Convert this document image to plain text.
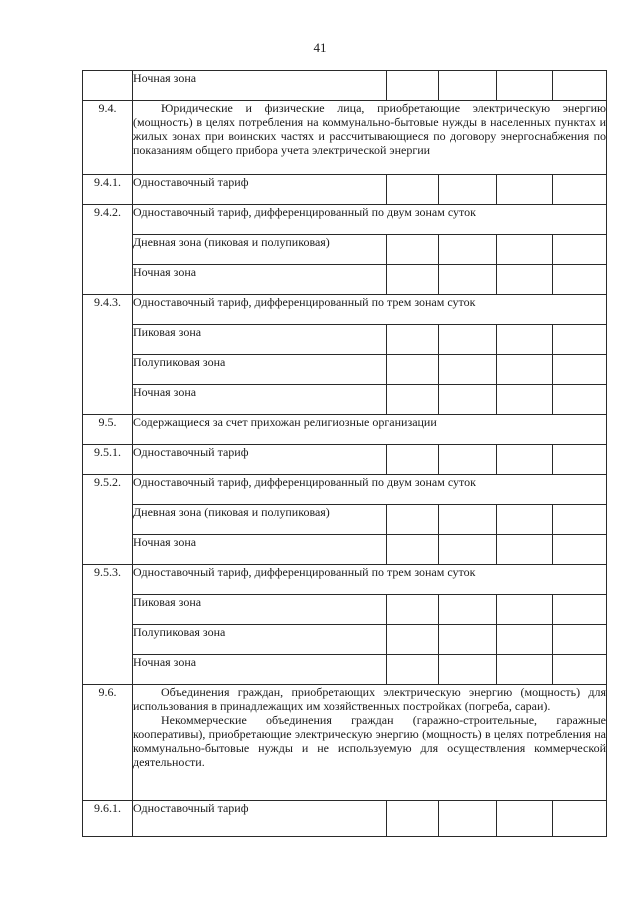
41
	Ночная зона				
9.4.	Юридические и физические лица, приобретающие электрическую энергию (мощность) в целях потребления на коммунально-бытовые нужды в населенных пунктах и жилых зонах при воинских частях и рассчитывающиеся по договору энергоснабжения по показаниям общего прибора учета электрической энергии				

9.4.1.	Одноставочный тариф				
9.4.2.	Одноставочный тариф, дифференцированный по двум зонам суток				
	Дневная зона (пиковая и полупиковая)				
	Ночная зона				
9.4.3.	Одноставочный тариф, дифференцированный по трем зонам суток				
	Пиковая зона				
	Полупиковая зона				
	Ночная зона				
9.5.	Содержащиеся за счет прихожан религиозные организации				
9.5.1.	Одноставочный тариф				
9.5.2.	Одноставочный тариф, дифференцированный по двум зонам суток				
	Дневная зона (пиковая и полупиковая)				
	Ночная зона				
9.5.3.	Одноставочный тариф, дифференцированный по трем зонам суток				
	Пиковая зона				
	Полупиковая зона				
	Ночная зона				
9.6.	Объединения граждан, приобретающих электрическую энергию (мощность) для использования в принадлежащих им хозяйственных постройках (погреба, сараи).

Некоммерческие объединения граждан (гаражно-строительные, гаражные кооперативы), приобретающие электрическую энергию (мощность) в целях потребления на коммунально-бытовые нужды и не используемую для осуществления коммерческой деятельности.				

9.6.1.	Одноставочный тариф				
